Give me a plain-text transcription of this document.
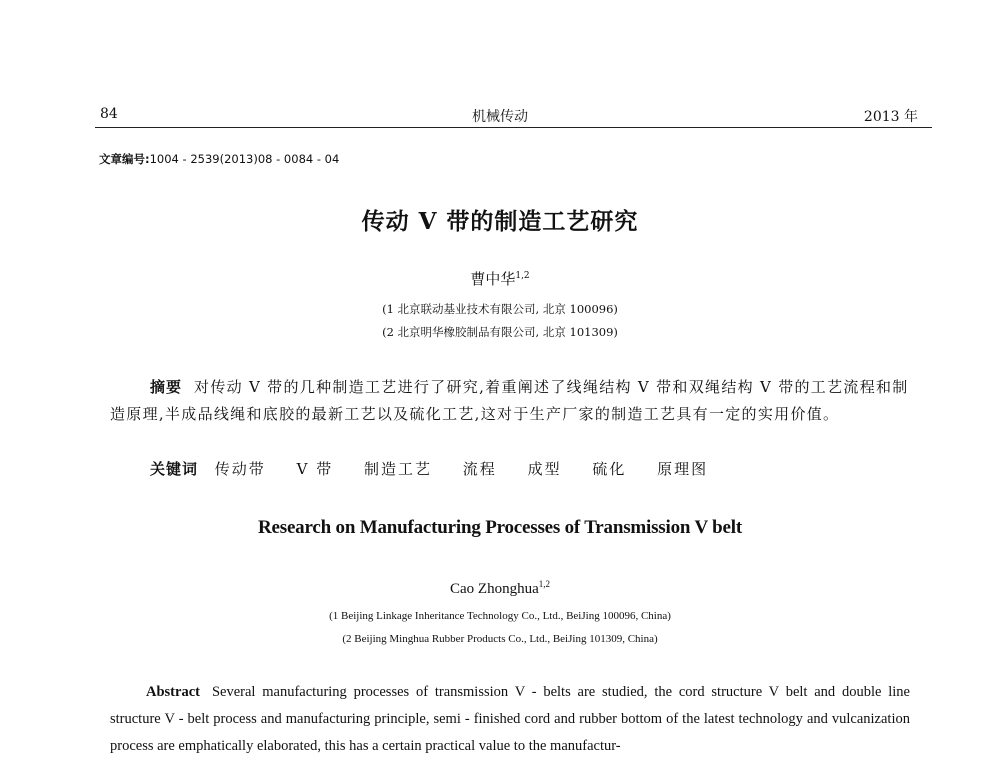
84	机械传动	2013 年
文章编号:1004 - 2539(2013)08 - 0084 - 04
传动 V 带的制造工艺研究
曹中华$^{1,2}$
(1 北京联动基业技术有限公司, 北京 100096)
(2 北京明华橡胶制品有限公司, 北京 101309)

摘要 对传动 V 带的几种制造工艺进行了研究,着重阐述了线绳结构 V 带和双绳结构 V 带的工艺流程和制造原理,半成品线绳和底胶的最新工艺以及硫化工艺,这对于生产厂家的制造工艺具有一定的实用价值。

关键词 传动带 V 带 制造工艺 流程 成型 硫化 原理图
Research on Manufacturing Processes of Transmission V belt
Cao Zhonghua$^{1,2}$
(1 Beijing Linkage Inheritance Technology Co., Ltd., BeiJing 100096, China)
(2 Beijing Minghua Rubber Products Co., Ltd., BeiJing 101309, China)

Abstract Several manufacturing processes of transmission V - belts are studied, the cord structure V belt and double line structure V - belt process and manufacturing principle, semi - finished cord and rubber bottom of the latest technology and vulcanization process are emphatically elaborated, this has a certain practical value to the manufactur-
